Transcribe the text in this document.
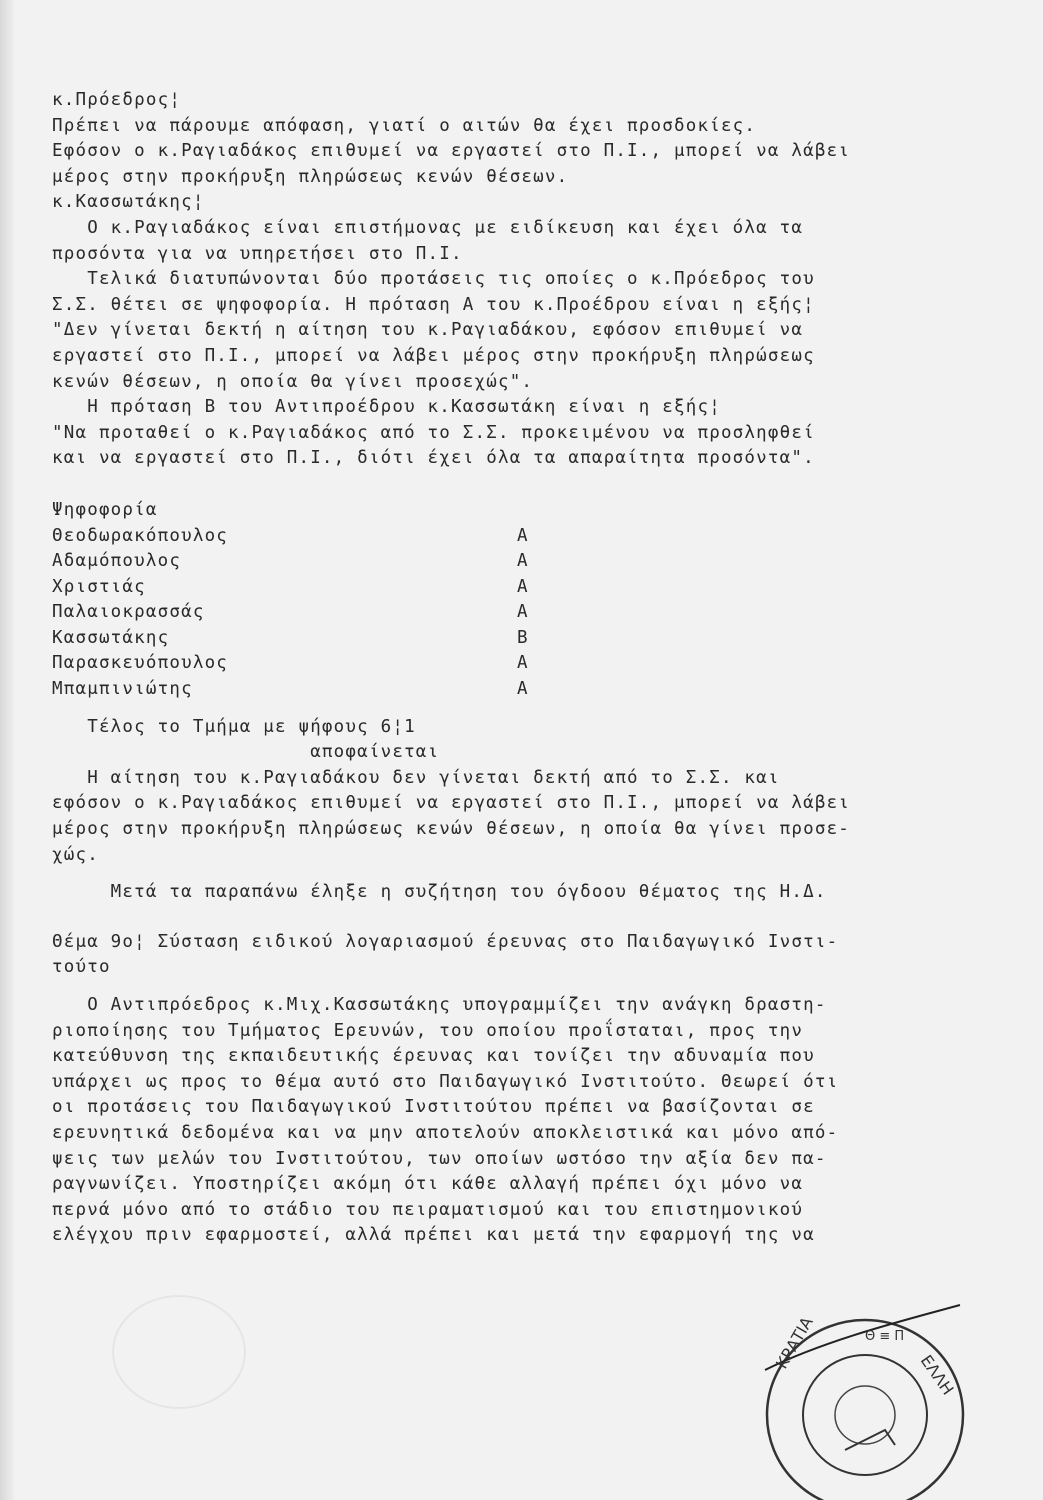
κ.Πρόεδρος¦
Πρέπει να πάρουμε απόφαση, γιατί ο αιτών θα έχει προσδοκίες.
Εφόσον ο κ.Ραγιαδάκος επιθυμεί να εργαστεί στο Π.Ι., μπορεί να λάβει
μέρος στην προκήρυξη πληρώσεως κενών θέσεων.
κ.Κασσωτάκης¦
Ο κ.Ραγιαδάκος είναι επιστήμονας με ειδίκευση και έχει όλα τα
προσόντα για να υπηρετήσει στο Π.Ι.
Τελικά διατυπώνονται δύο προτάσεις τις οποίες ο κ.Πρόεδρος του
Σ.Σ. θέτει σε ψηφοφορία. Η πρόταση Α του κ.Προέδρου είναι η εξής¦
"Δεν γίνεται δεκτή η αίτηση του κ.Ραγιαδάκου, εφόσον επιθυμεί να
εργαστεί στο Π.Ι., μπορεί να λάβει μέρος στην προκήρυξη πληρώσεως
κενών θέσεων, η οποία θα γίνει προσεχώς".
Η πρόταση Β του Αντιπροέδρου κ.Κασσωτάκη είναι η εξής¦
"Να προταθεί ο κ.Ραγιαδάκος από το Σ.Σ. προκειμένου να προσληφθεί
και να εργαστεί στο Π.Ι., διότι έχει όλα τα απαραίτητα προσόντα".
Ψηφοφορία
Θεοδωρακόπουλος	Α
Αδαμόπουλος	Α
Χριστιάς	Α
Παλαιοκρασσάς	Α
Κασσωτάκης	Β
Παρασκευόπουλος	Α
Μπαμπινιώτης	Α
Τέλος το Τμήμα με ψήφους 6¦1
αποφαίνεται
Η αίτηση του κ.Ραγιαδάκου δεν γίνεται δεκτή από το Σ.Σ. και
εφόσον ο κ.Ραγιαδάκος επιθυμεί να εργαστεί στο Π.Ι., μπορεί να λάβει
μέρος στην προκήρυξη πληρώσεως κενών θέσεων, η οποία θα γίνει προσε-
χώς.
Μετά τα παραπάνω έληξε η συζήτηση του όγδοου θέματος της Η.Δ.
Θέμα 9ο¦ Σύσταση ειδικού λογαριασμού έρευνας στο Παιδαγωγικό Ινστι-
τούτο
Ο Αντιπρόεδρος κ.Μιχ.Κασσωτάκης υπογραμμίζει την ανάγκη δραστη-
ριοποίησης του Τμήματος Ερευνών, του οποίου προΐσταται, προς την
κατεύθυνση της εκπαιδευτικής έρευνας και τονίζει την αδυναμία που
υπάρχει ως προς το θέμα αυτό στο Παιδαγωγικό Ινστιτούτο. Θεωρεί ότι
οι προτάσεις του Παιδαγωγικού Ινστιτούτου πρέπει να βασίζονται σε
ερευνητικά δεδομένα και να μην αποτελούν αποκλειστικά και μόνο από-
ψεις των μελών του Ινστιτούτου, των οποίων ωστόσο την αξία δεν πα-
ραγνωνίζει. Υποστηρίζει ακόμη ότι κάθε αλλαγή πρέπει όχι μόνο να
περνά μόνο από το στάδιο του πειραματισμού και του επιστημονικού
ελέγχου πριν εφαρμοστεί, αλλά πρέπει και μετά την εφαρμογή της να
ΚΡΑΤΙΑ
ΕΛΛΗ
Θ ≡ Π
